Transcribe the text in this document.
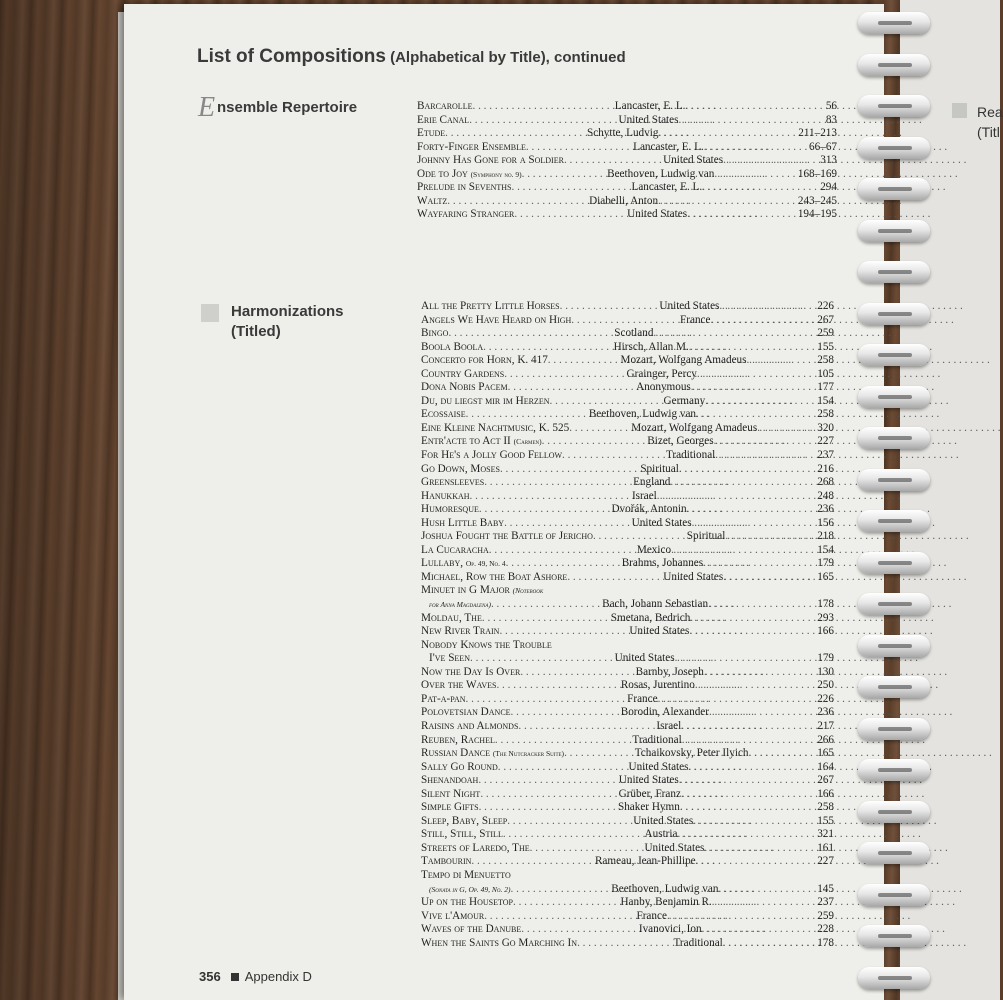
Rea
(Titl
List of Compositions (Alphabetical by Title), continued
E nsemble Repertoire
Harmonizations
(Titled)
Barcarolle . . .	Lancaster, E. L. . . .	56
Erie Canal . . .	United States . . .	83
Etude . . .	Schytte, Ludvig . . .	211–213
Forty-Finger Ensemble . . .	Lancaster, E. L. . . .	66–67
Johnny Has Gone for a Soldier . . .	United States . . .	313
Ode to Joy
(Symphony no. 9) . . .	Beethoven, Ludwig van . . .	168–169
Prelude in Sevenths . . .	Lancaster, E. L. . . .	294
Waltz . . .	Diabelli, Anton . . .	243–245
Wayfaring Stranger . . .	United States . . .	194–195
All the Pretty Little Horses . . .	United States . . .	226
Angels We Have Heard on High . . .	France . . .	267
Bingo . . .	Scotland . . .	259
Boola Boola . . .	Hirsch, Allan M. . . .	155
Concerto for Horn, K. 417 . . .	Mozart, Wolfgang Amadeus . . .	258
Country Gardens . . .	Grainger, Percy . . .	105
Dona Nobis Pacem . . .	Anonymous . . .	177
Du, du liegst mir im Herzen . . .	Germany . . .	154
Ecossaise . . .	Beethoven, Ludwig van . . .	258
Eine Kleine Nachtmusic, K. 525 . . .	Mozart, Wolfgang Amadeus . . .	320
Entr'acte to Act II
(Carmen) . . .	Bizet, Georges . . .	227
For He's a Jolly Good Fellow . . .	Traditional . . .	237
Go Down, Moses . . .	Spiritual . . .	216
Greensleeves . . .	England . . .	268
Hanukkah . . .	Israel . . .	248
Humoresque . . .	Dvořák, Antonin . . .	236
Hush Little Baby . . .	United States . . .	156
Joshua Fought the Battle of Jericho . . .	Spiritual . . .	218
La Cucaracha . . .	Mexico . . .	154
Lullaby,
Op. 49, No. 4 . . .	Brahms, Johannes . . .	179
Michael, Row the Boat Ashore . . .	United States . . .	165
Minuet in G Major (Notebook
for Anna Magdalena) . . .	Bach, Johann Sebastian . . .	178
Moldau, The . . .	Smetana, Bedrich . . .	293
New River Train . . .	United States . . .	166
Nobody Knows the Trouble
I've Seen . . .	United States . . .	179
Now the Day Is Over . . .	Barnby, Joseph . . .	130
Over the Waves . . .	Rosas, Jurentino . . .	250
Pat-a-pan . . .	France . . .	226
Polovetsian Dance . . .	Borodin, Alexander . . .	236
Raisins and Almonds . . .	Israel . . .	217
Reuben, Rachel . . .	Traditional . . .	266
Russian Dance
(The Nutcracker Suite) . . .	Tchaikovsky, Peter Ilyich . . .	165
Sally Go Round . . .	United States . . .	164
Shenandoah . . .	United States . . .	267
Silent Night . . .	Grüber, Franz . . .	166
Simple Gifts . . .	Shaker Hymn . . .	258
Sleep, Baby, Sleep . . .	United States . . .	155
Still, Still, Still . . .	Austria . . .	321
Streets of Laredo, The . . .	United States . . .	161
Tambourin . . .	Rameau, Jean-Phillipe . . .	227
Tempo di Menuetto
(Sonata in G, Op. 49, No. 2) . . .	Beethoven, Ludwig van . . .	145
Up on the Housetop . . .	Hanby, Benjamin R. . . .	237
Vive l'Amour . . .	France . . .	259
Waves of the Danube . . .	Ivanovici, Ion . . .	228
When the Saints Go Marching In . . .	Traditional . . .	178
356 Appendix D
